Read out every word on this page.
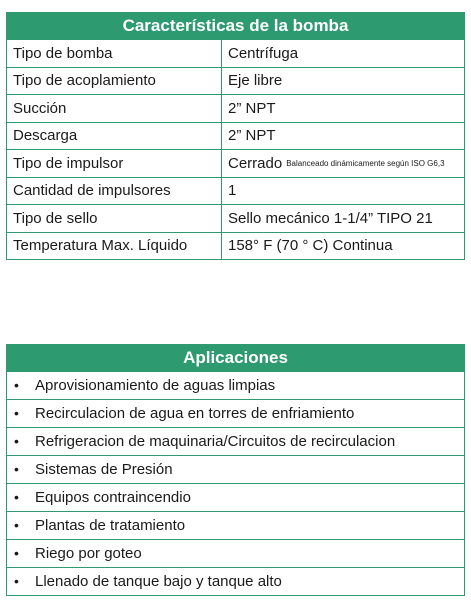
Características de la bomba
Tipo de bomba	Centrífuga
Tipo de acoplamiento	Eje libre
Succión	2” NPT
Descarga	2” NPT
Tipo de impulsor	Cerrado Balanceado dinámicamente según ISO G6,3
Cantidad de impulsores	1
Tipo de sello	Sello mecánico 1-1/4” TIPO 21
Temperatura Max. Líquido	158° F (70 ° C) Continua
Aplicaciones
• Aprovisionamiento de aguas limpias
• Recirculacion de agua en torres de enfriamiento
• Refrigeracion de maquinaria/Circuitos de recirculacion
• Sistemas de Presión
• Equipos contraincendio
• Plantas de tratamiento
• Riego por goteo
• Llenado de tanque bajo y tanque alto
